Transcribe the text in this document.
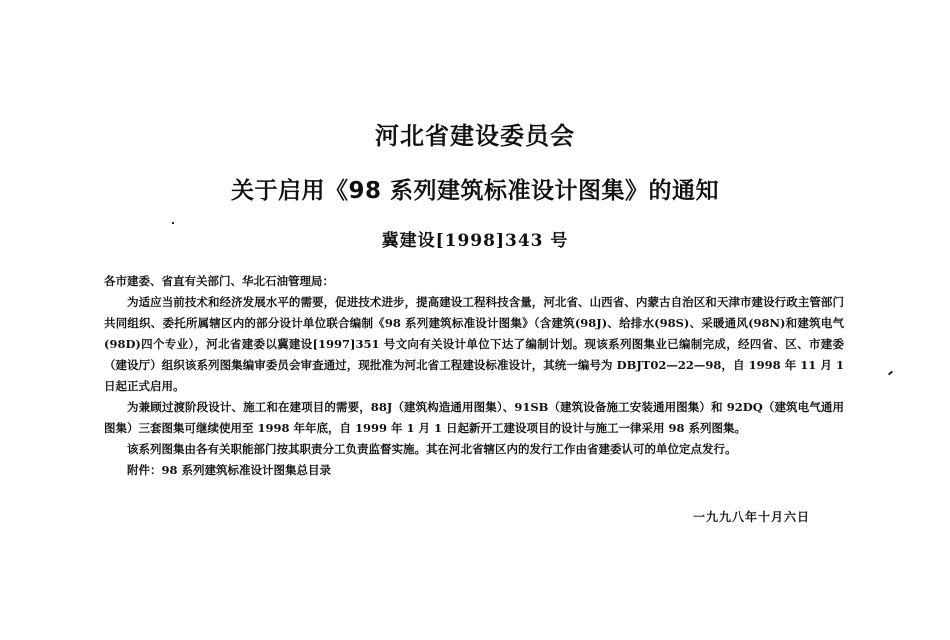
河北省建设委员会
关于启用《98 系列建筑标准设计图集》的通知
冀建设[1998]343 号

各市建委、省直有关部门、华北石油管理局：

为适应当前技术和经济发展水平的需要，促进技术进步，提高建设工程科技含量，河北省、山西省、内蒙古自治区和天津市建设行政主管部门共同组织、委托所属辖区内的部分设计单位联合编制《98 系列建筑标准设计图集》（含建筑(98J)、给排水(98S)、采暖通风(98N)和建筑电气(98D)四个专业），河北省建委以冀建设[1997]351 号文向有关设计单位下达了编制计划。现该系列图集业已编制完成，经四省、区、市建委（建设厅）组织该系列图集编审委员会审查通过，现批准为河北省工程建设标准设计，其统一编号为 DBJT02—22—98，自 1998 年 11 月 1 日起正式启用。

为兼顾过渡阶段设计、施工和在建项目的需要，88J（建筑构造通用图集）、91SB（建筑设备施工安装通用图集）和 92DQ（建筑电气通用图集）三套图集可继续使用至 1998 年年底，自 1999 年 1 月 1 日起新开工建设项目的设计与施工一律采用 98 系列图集。

该系列图集由各有关职能部门按其职责分工负责监督实施。其在河北省辖区内的发行工作由省建委认可的单位定点发行。

附件：98 系列建筑标准设计图集总目录

一九九八年十月六日
